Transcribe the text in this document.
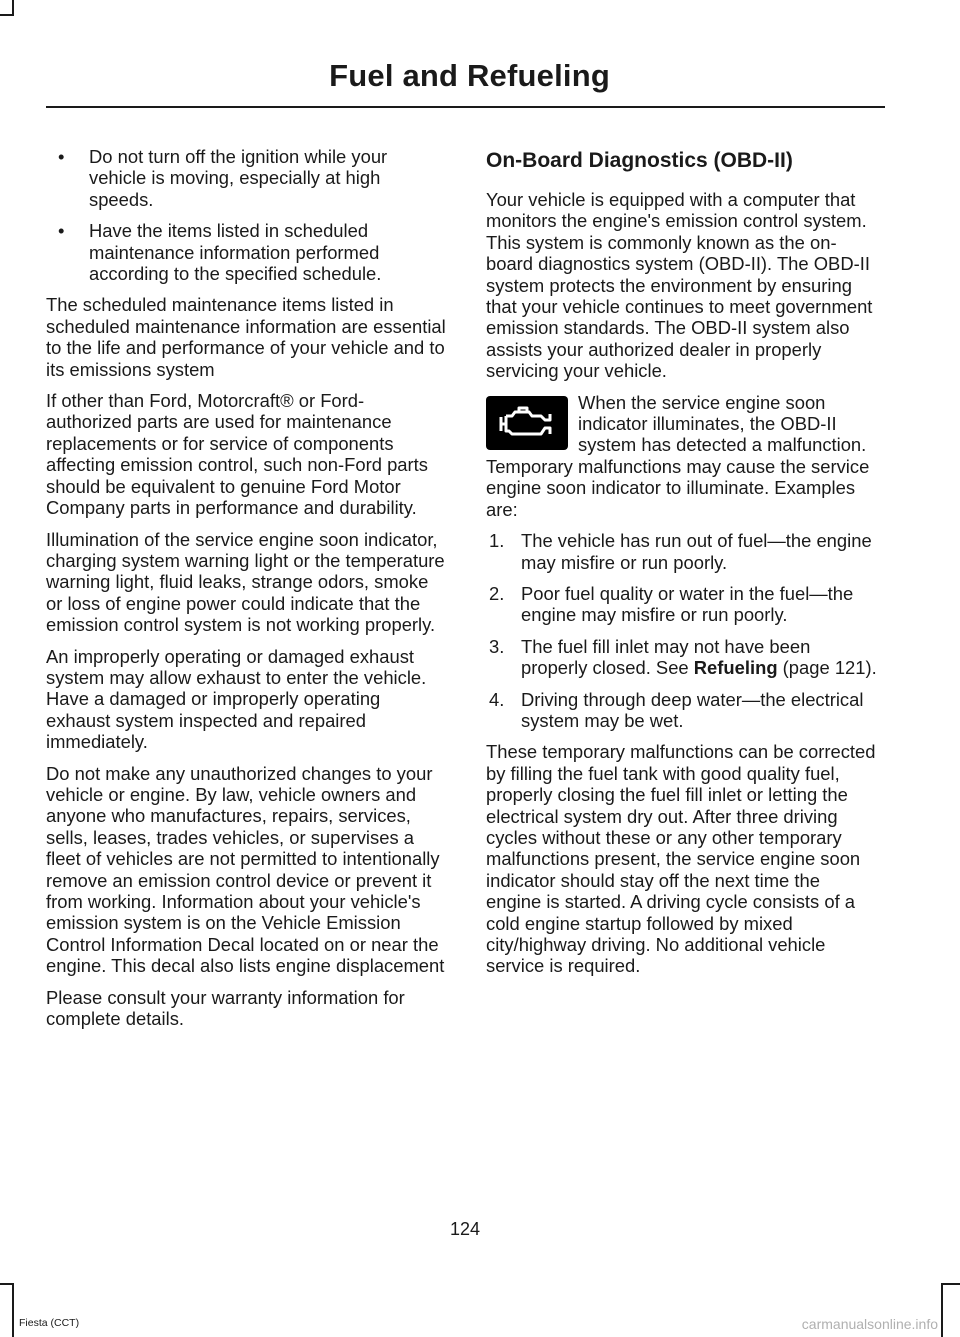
Fuel and Refueling
• Do not turn off the ignition while your vehicle is moving, especially at high speeds.
• Have the items listed in scheduled maintenance information performed according to the specified schedule.

The scheduled maintenance items listed in scheduled maintenance information are essential to the life and performance of your vehicle and to its emissions system

If other than Ford, Motorcraft® or Ford-authorized parts are used for maintenance replacements or for service of components affecting emission control, such non-Ford parts should be equivalent to genuine Ford Motor Company parts in performance and durability.

Illumination of the service engine soon indicator, charging system warning light or the temperature warning light, fluid leaks, strange odors, smoke or loss of engine power could indicate that the emission control system is not working properly.

An improperly operating or damaged exhaust system may allow exhaust to enter the vehicle. Have a damaged or improperly operating exhaust system inspected and repaired immediately.

Do not make any unauthorized changes to your vehicle or engine. By law, vehicle owners and anyone who manufactures, repairs, services, sells, leases, trades vehicles, or supervises a fleet of vehicles are not permitted to intentionally remove an emission control device or prevent it from working. Information about your vehicle's emission system is on the Vehicle Emission Control Information Decal located on or near the engine. This decal also lists engine displacement

Please consult your warranty information for complete details.

On-Board Diagnostics (OBD-II)

Your vehicle is equipped with a computer that monitors the engine's emission control system. This system is commonly known as the on-board diagnostics system (OBD-II). The OBD-II system protects the environment by ensuring that your vehicle continues to meet government emission standards. The OBD-II system also assists your authorized dealer in properly servicing your vehicle.

When the service engine soon indicator illuminates, the OBD-II system has detected a malfunction. Temporary malfunctions may cause the service engine soon indicator to illuminate. Examples are:

1. The vehicle has run out of fuel—the engine may misfire or run poorly.
2. Poor fuel quality or water in the fuel—the engine may misfire or run poorly.
3. The fuel fill inlet may not have been properly closed. See Refueling (page 121).
4. Driving through deep water—the electrical system may be wet.

These temporary malfunctions can be corrected by filling the fuel tank with good quality fuel, properly closing the fuel fill inlet or letting the electrical system dry out. After three driving cycles without these or any other temporary malfunctions present, the service engine soon indicator should stay off the next time the engine is started. A driving cycle consists of a cold engine startup followed by mixed city/highway driving. No additional vehicle service is required.

124
Fiesta (CCT)	carmanualsonline.info
